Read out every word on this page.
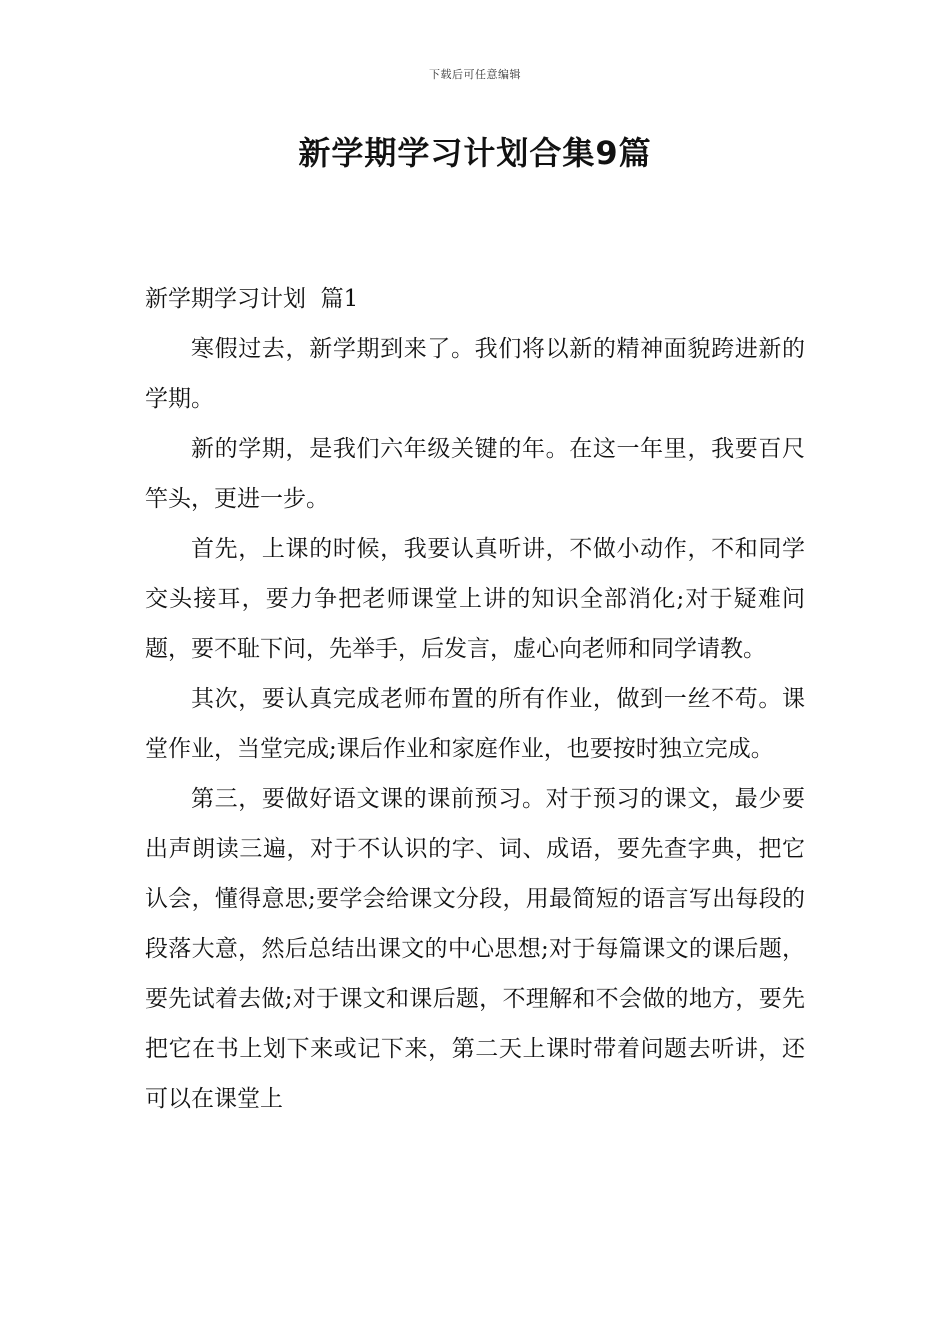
下载后可任意编辑
新学期学习计划合集9篇
新学期学习计划  篇1

寒假过去，新学期到来了。我们将以新的精神面貌跨进新的学期。

新的学期，是我们六年级关键的年。在这一年里，我要百尺竿头，更进一步。

首先，上课的时候，我要认真听讲，不做小动作，不和同学交头接耳，要力争把老师课堂上讲的知识全部消化;对于疑难问题，要不耻下问，先举手，后发言，虚心向老师和同学请教。

其次，要认真完成老师布置的所有作业，做到一丝不苟。课堂作业，当堂完成;课后作业和家庭作业，也要按时独立完成。

第三，要做好语文课的课前预习。对于预习的课文，最少要出声朗读三遍，对于不认识的字、词、成语，要先查字典，把它认会，懂得意思;要学会给课文分段，用最简短的语言写出每段的段落大意，然后总结出课文的中心思想;对于每篇课文的课后题，要先试着去做;对于课文和课后题，不理解和不会做的地方，要先把它在书上划下来或记下来，第二天上课时带着问题去听讲，还可以在课堂上
